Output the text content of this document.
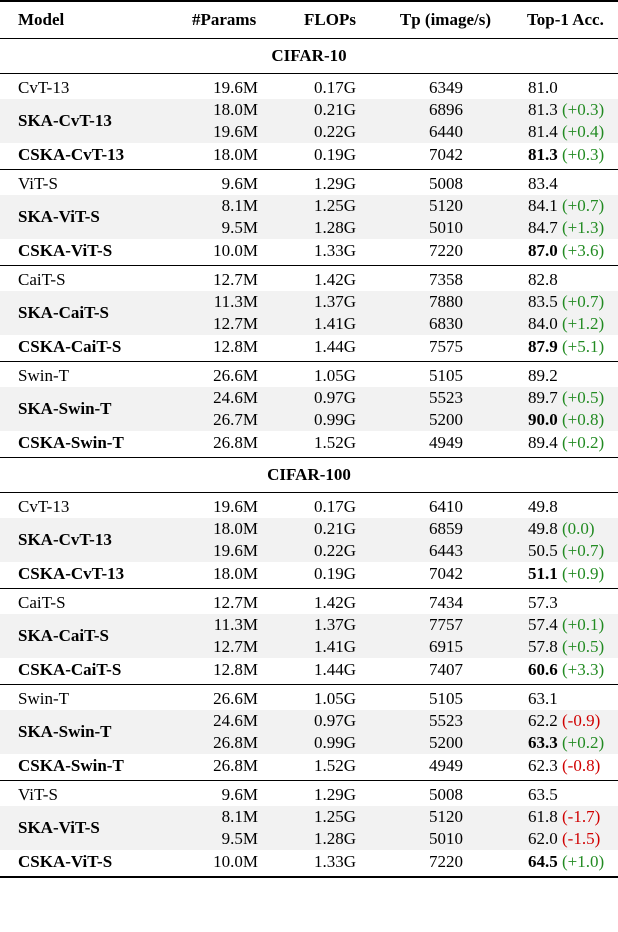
Model	#Params	FLOPs	Tp (image/s)	Top-1 Acc.
CIFAR-10
CvT-13	19.6M	0.17G	6349	81.0
SKA-CvT-13
18.0M	0.21G	6896	81.3 (+0.3)
19.6M	0.22G	6440	81.4 (+0.4)
CSKA-CvT-13	18.0M	0.19G	7042	81.3 (+0.3)
ViT-S	9.6M	1.29G	5008	83.4
SKA-ViT-S
8.1M	1.25G	5120	84.1 (+0.7)
9.5M	1.28G	5010	84.7 (+1.3)
CSKA-ViT-S	10.0M	1.33G	7220	87.0 (+3.6)
CaiT-S	12.7M	1.42G	7358	82.8
SKA-CaiT-S
11.3M	1.37G	7880	83.5 (+0.7)
12.7M	1.41G	6830	84.0 (+1.2)
CSKA-CaiT-S	12.8M	1.44G	7575	87.9 (+5.1)
Swin-T	26.6M	1.05G	5105	89.2
SKA-Swin-T
24.6M	0.97G	5523	89.7 (+0.5)
26.7M	0.99G	5200	90.0 (+0.8)
CSKA-Swin-T	26.8M	1.52G	4949	89.4 (+0.2)
CIFAR-100
CvT-13	19.6M	0.17G	6410	49.8
SKA-CvT-13
18.0M	0.21G	6859	49.8 (0.0)
19.6M	0.22G	6443	50.5 (+0.7)
CSKA-CvT-13	18.0M	0.19G	7042	51.1 (+0.9)
CaiT-S	12.7M	1.42G	7434	57.3
SKA-CaiT-S
11.3M	1.37G	7757	57.4 (+0.1)
12.7M	1.41G	6915	57.8 (+0.5)
CSKA-CaiT-S	12.8M	1.44G	7407	60.6 (+3.3)
Swin-T	26.6M	1.05G	5105	63.1
SKA-Swin-T
24.6M	0.97G	5523	62.2 (-0.9)
26.8M	0.99G	5200	63.3 (+0.2)
CSKA-Swin-T	26.8M	1.52G	4949	62.3 (-0.8)
ViT-S	9.6M	1.29G	5008	63.5
SKA-ViT-S
8.1M	1.25G	5120	61.8 (-1.7)
9.5M	1.28G	5010	62.0 (-1.5)
CSKA-ViT-S	10.0M	1.33G	7220	64.5 (+1.0)
